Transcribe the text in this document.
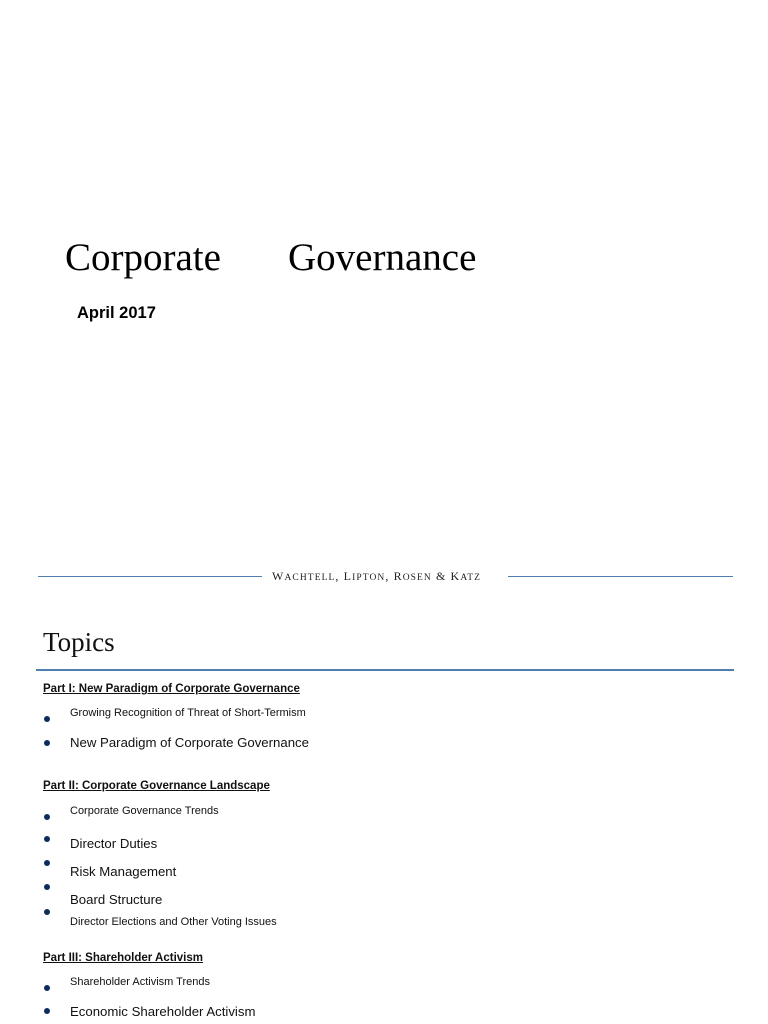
Corporate Governance
April 2017
WACHTELL, LIPTON, ROSEN & KATZ
Topics
Part I: New Paradigm of Corporate Governance
Growing Recognition of Threat of Short-Termism
New Paradigm of Corporate Governance
Part II: Corporate Governance Landscape
Corporate Governance Trends
Director Duties
Risk Management
Board Structure
Director Elections and Other Voting Issues
Part III: Shareholder Activism
Shareholder Activism Trends
Economic Shareholder Activism
